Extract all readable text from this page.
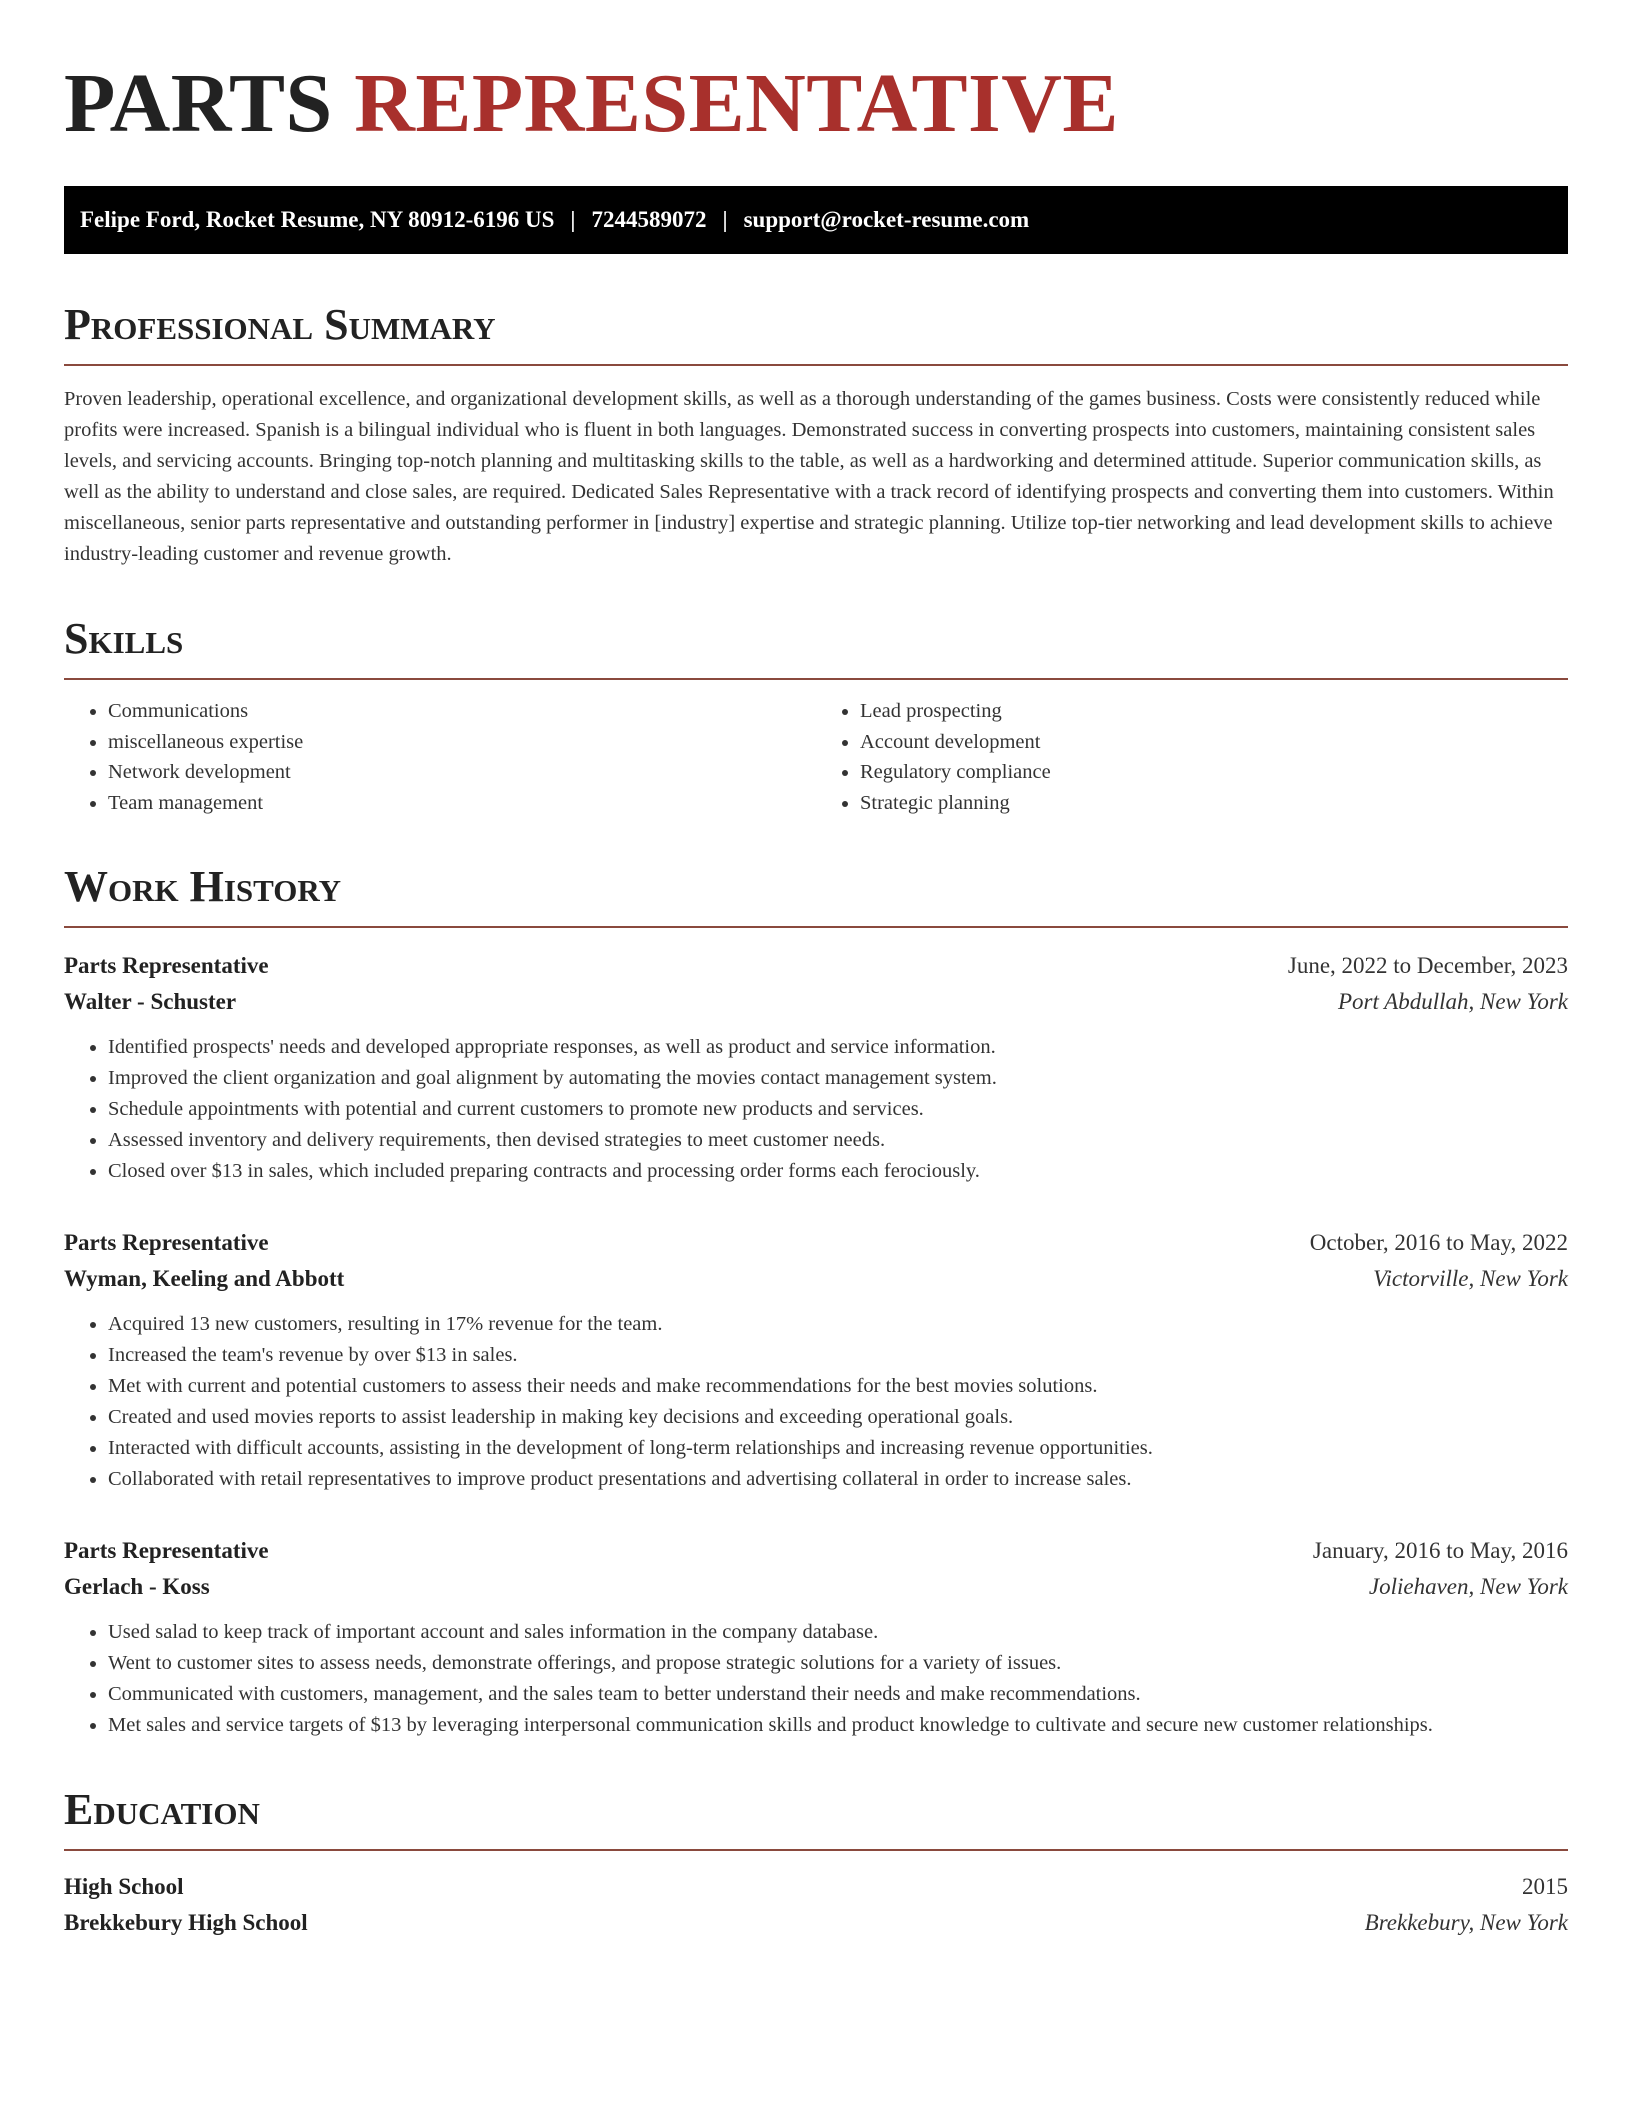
PARTS REPRESENTATIVE
Felipe Ford, Rocket Resume, NY 80912-6196 US | 7244589072 | support@rocket-resume.com
Professional Summary
Proven leadership, operational excellence, and organizational development skills, as well as a thorough understanding of the games business. Costs were consistently reduced while profits were increased. Spanish is a bilingual individual who is fluent in both languages. Demonstrated success in converting prospects into customers, maintaining consistent sales levels, and servicing accounts. Bringing top-notch planning and multitasking skills to the table, as well as a hardworking and determined attitude. Superior communication skills, as well as the ability to understand and close sales, are required. Dedicated Sales Representative with a track record of identifying prospects and converting them into customers. Within miscellaneous, senior parts representative and outstanding performer in [industry] expertise and strategic planning. Utilize top-tier networking and lead development skills to achieve industry-leading customer and revenue growth.
Skills
• Communications
• miscellaneous expertise
• Network development
• Team management
• Lead prospecting
• Account development
• Regulatory compliance
• Strategic planning
Work History
Parts Representative	June, 2022 to December, 2023
Walter - Schuster	Port Abdullah, New York
• Identified prospects' needs and developed appropriate responses, as well as product and service information.
• Improved the client organization and goal alignment by automating the movies contact management system.
• Schedule appointments with potential and current customers to promote new products and services.
• Assessed inventory and delivery requirements, then devised strategies to meet customer needs.
• Closed over $13 in sales, which included preparing contracts and processing order forms each ferociously.
Parts Representative	October, 2016 to May, 2022
Wyman, Keeling and Abbott	Victorville, New York
• Acquired 13 new customers, resulting in 17% revenue for the team.
• Increased the team's revenue by over $13 in sales.
• Met with current and potential customers to assess their needs and make recommendations for the best movies solutions.
• Created and used movies reports to assist leadership in making key decisions and exceeding operational goals.
• Interacted with difficult accounts, assisting in the development of long-term relationships and increasing revenue opportunities.
• Collaborated with retail representatives to improve product presentations and advertising collateral in order to increase sales.
Parts Representative	January, 2016 to May, 2016
Gerlach - Koss	Joliehaven, New York
• Used salad to keep track of important account and sales information in the company database.
• Went to customer sites to assess needs, demonstrate offerings, and propose strategic solutions for a variety of issues.
• Communicated with customers, management, and the sales team to better understand their needs and make recommendations.
• Met sales and service targets of $13 by leveraging interpersonal communication skills and product knowledge to cultivate and secure new customer relationships.
Education
High School	2015
Brekkebury High School	Brekkebury, New York
